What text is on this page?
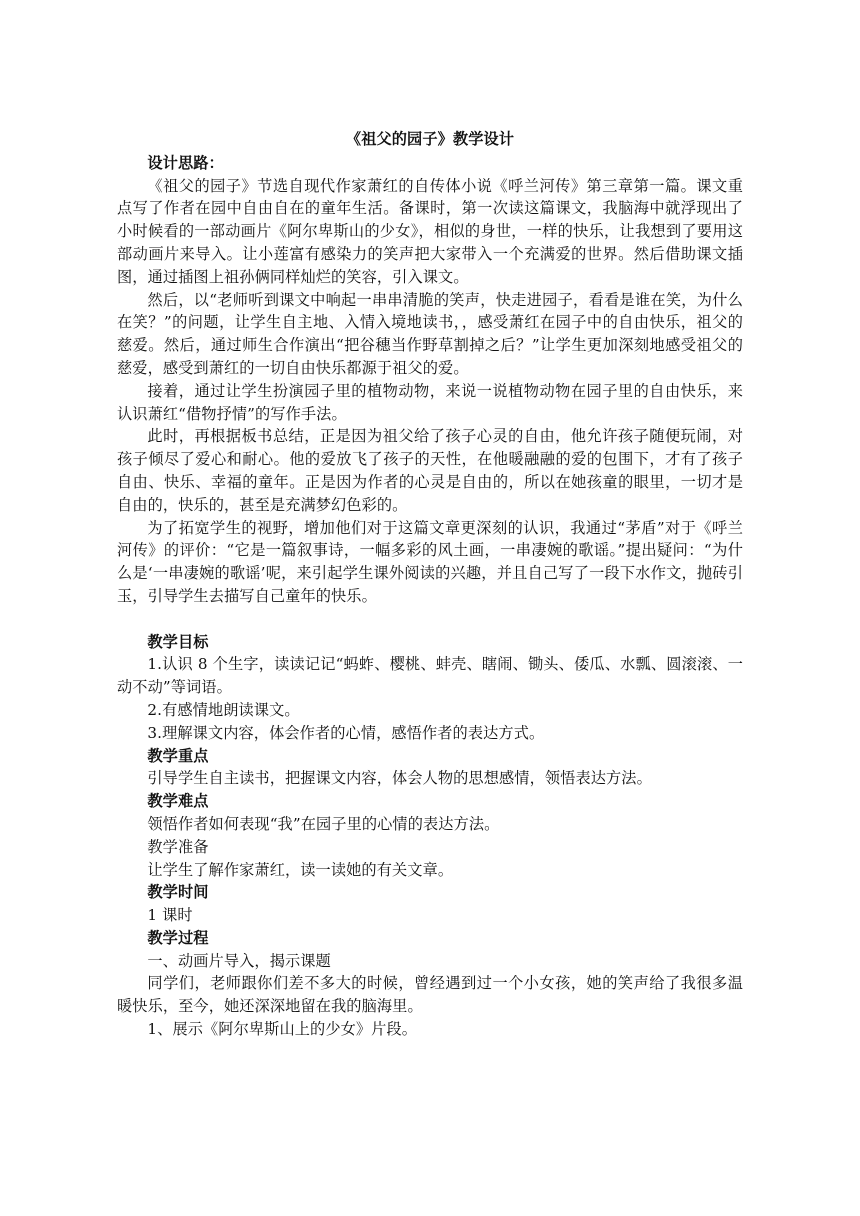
《祖父的园子》教学设计

设计思路：

《祖父的园子》节选自现代作家萧红的自传体小说《呼兰河传》第三章第一篇。课文重点写了作者在园中自由自在的童年生活。备课时，第一次读这篇课文，我脑海中就浮现出了小时候看的一部动画片《阿尔卑斯山的少女》，相似的身世，一样的快乐，让我想到了要用这部动画片来导入。让小莲富有感染力的笑声把大家带入一个充满爱的世界。然后借助课文插图，通过插图上祖孙俩同样灿烂的笑容，引入课文。

然后，以“老师听到课文中响起一串串清脆的笑声，快走进园子，看看是谁在笑，为什么在笑？”的问题，让学生自主地、入情入境地读书，，感受萧红在园子中的自由快乐，祖父的慈爱。然后，通过师生合作演出“把谷穗当作野草割掉之后？”让学生更加深刻地感受祖父的慈爱，感受到萧红的一切自由快乐都源于祖父的爱。

接着，通过让学生扮演园子里的植物动物，来说一说植物动物在园子里的自由快乐，来认识萧红“借物抒情”的写作手法。

此时，再根据板书总结，正是因为祖父给了孩子心灵的自由，他允许孩子随便玩闹，对孩子倾尽了爱心和耐心。他的爱放飞了孩子的天性，在他暖融融的爱的包围下，才有了孩子自由、快乐、幸福的童年。正是因为作者的心灵是自由的，所以在她孩童的眼里，一切才是自由的，快乐的，甚至是充满梦幻色彩的。

为了拓宽学生的视野，增加他们对于这篇文章更深刻的认识，我通过“茅盾”对于《呼兰河传》的评价：“它是一篇叙事诗，一幅多彩的风土画，一串凄婉的歌谣。”提出疑问：“为什么是‘一串凄婉的歌谣’呢，来引起学生课外阅读的兴趣，并且自己写了一段下水作文，抛砖引玉，引导学生去描写自己童年的快乐。

教学目标

1.认识 8 个生字，读读记记“蚂蚱、樱桃、蚌壳、瞎闹、锄头、倭瓜、水瓢、圆滚滚、一动不动”等词语。

2.有感情地朗读课文。

3.理解课文内容，体会作者的心情，感悟作者的表达方式。

教学重点

引导学生自主读书，把握课文内容，体会人物的思想感情，领悟表达方法。

教学难点

领悟作者如何表现“我”在园子里的心情的表达方法。

教学准备

让学生了解作家萧红，读一读她的有关文章。

教学时间

1 课时

教学过程

一、动画片导入，揭示课题

同学们，老师跟你们差不多大的时候，曾经遇到过一个小女孩，她的笑声给了我很多温暖快乐，至今，她还深深地留在我的脑海里。

1、展示《阿尔卑斯山上的少女》片段。
